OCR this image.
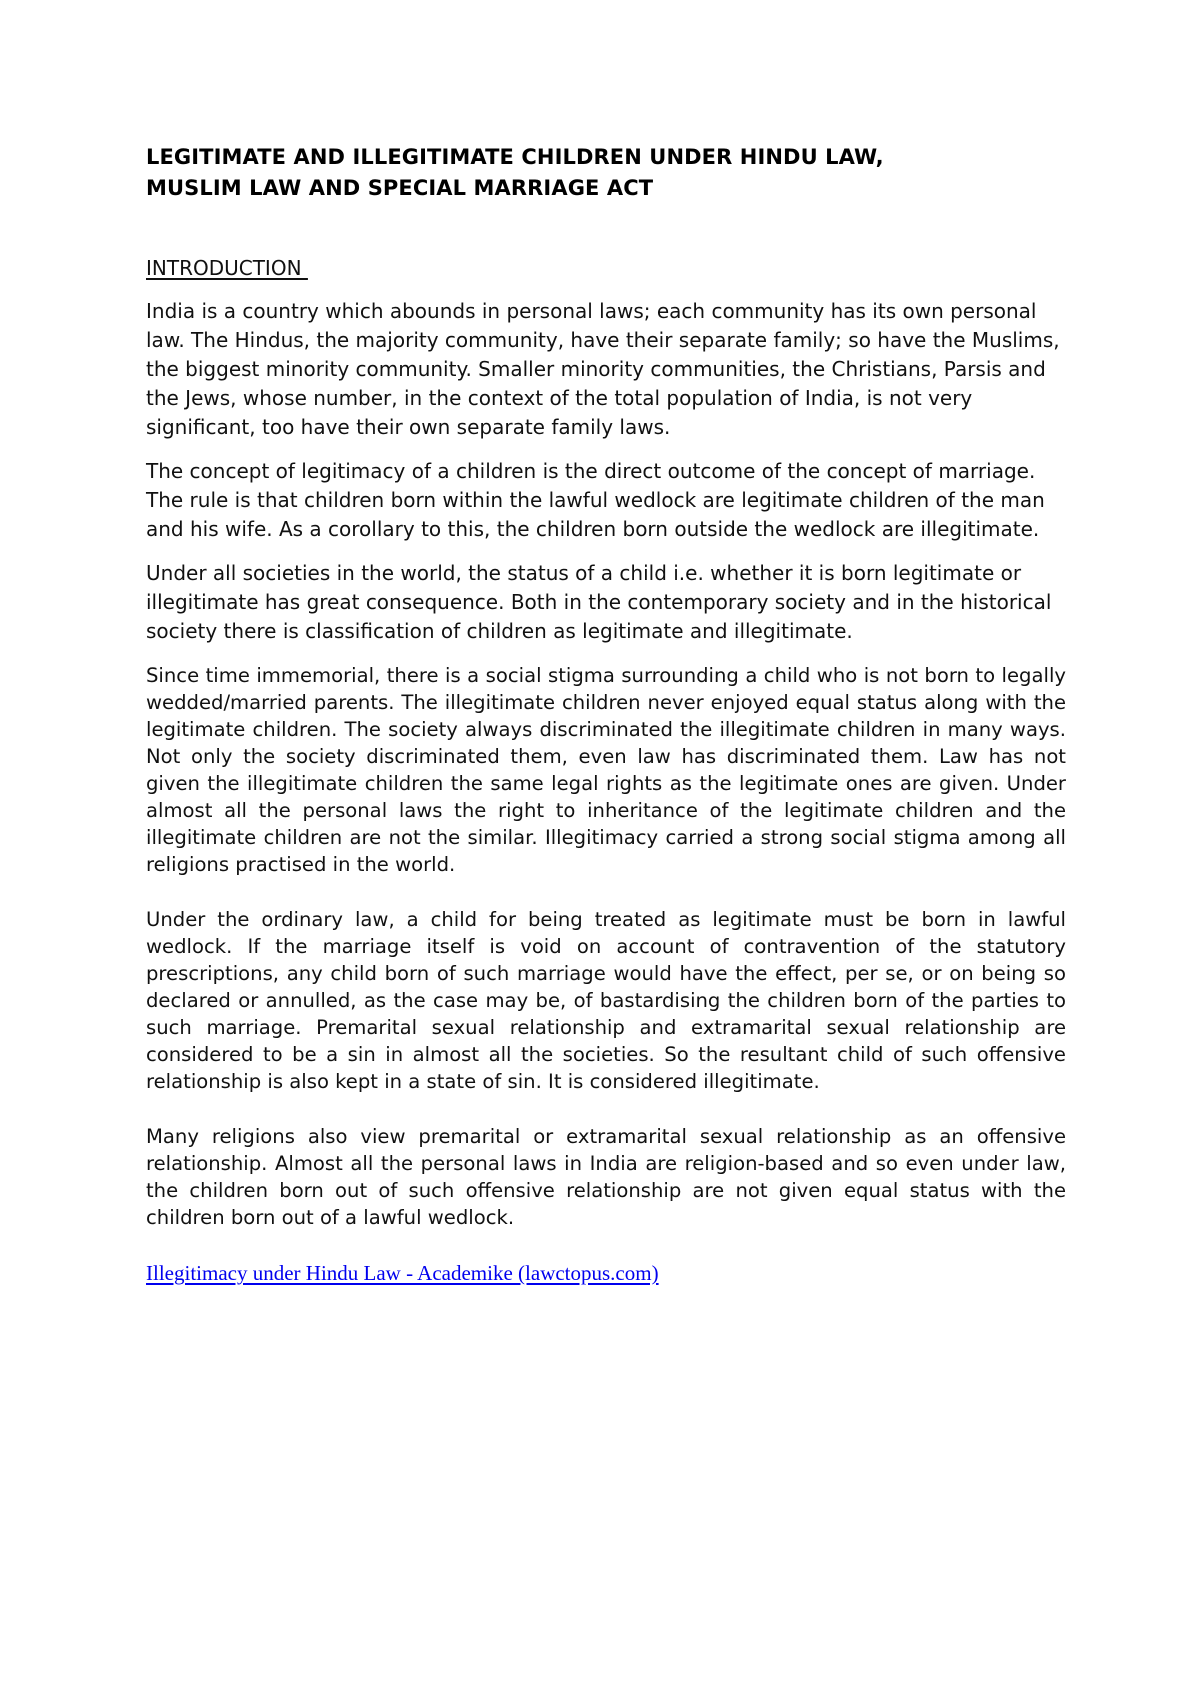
LEGITIMATE AND ILLEGITIMATE CHILDREN UNDER HINDU LAW,
MUSLIM LAW AND SPECIAL MARRIAGE ACT
INTRODUCTION

India is a country which abounds in personal laws; each community has its own personal law. The Hindus, the majority community, have their separate family; so have the Muslims, the biggest minority community. Smaller minority communities, the Christians, Parsis and the Jews, whose number, in the context of the total population of India, is not very significant, too have their own separate family laws.

The concept of legitimacy of a children is the direct outcome of the concept of marriage. The rule is that children born within the lawful wedlock are legitimate children of the man and his wife. As a corollary to this, the children born outside the wedlock are illegitimate.

Under all societies in the world, the status of a child i.e. whether it is born legitimate or illegitimate has great consequence. Both in the contemporary society and in the historical society there is classification of children as legitimate and illegitimate.

Since time immemorial, there is a social stigma surrounding a child who is not born to legally wedded/married parents. The illegitimate children never enjoyed equal status along with the legitimate children. The society always discriminated the illegitimate children in many ways. Not only the society discriminated them, even law has discriminated them. Law has not given the illegitimate children the same legal rights as the legitimate ones are given. Under almost all the personal laws the right to inheritance of the legitimate children and the illegitimate children are not the similar. Illegitimacy carried a strong social stigma among all religions practised in the world.

Under the ordinary law, a child for being treated as legitimate must be born in lawful wedlock. If the marriage itself is void on account of contravention of the statutory prescriptions, any child born of such marriage would have the effect, per se, or on being so declared or annulled, as the case may be, of bastardising the children born of the parties to such marriage. Premarital sexual relationship and extramarital sexual relationship are considered to be a sin in almost all the societies. So the resultant child of such offensive relationship is also kept in a state of sin. It is considered illegitimate.

Many religions also view premarital or extramarital sexual relationship as an offensive relationship. Almost all the personal laws in India are religion-based and so even under law, the children born out of such offensive relationship are not given equal status with the children born out of a lawful wedlock.

Illegitimacy under Hindu Law - Academike (lawctopus.com)
